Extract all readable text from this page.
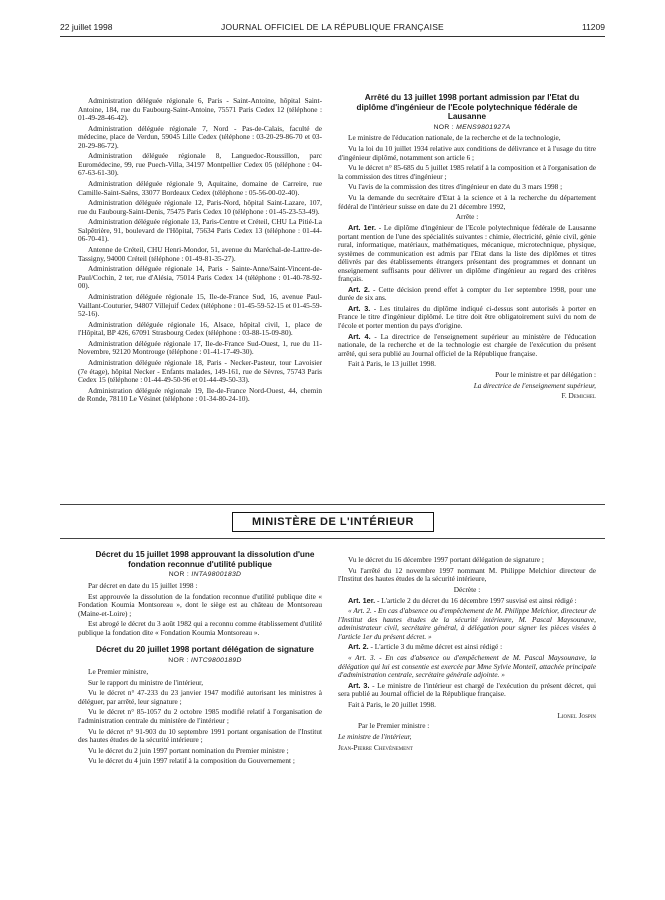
22 juillet 1998	JOURNAL OFFICIEL DE LA RÉPUBLIQUE FRANÇAISE	11209

Administration déléguée régionale 6, Paris - Saint-Antoine, hôpital Saint-Antoine, 184, rue du Faubourg-Saint-Antoine, 75571 Paris Cedex 12 (téléphone : 01-49-28-46-42).

Administration déléguée régionale 7, Nord - Pas-de-Calais, faculté de médecine, place de Verdun, 59045 Lille Cedex (téléphone : 03-20-29-86-70 et 03-20-29-86-72).

Administration déléguée régionale 8, Languedoc-Roussillon, parc Euromédecine, 99, rue Puech-Villa, 34197 Montpellier Cedex 05 (téléphone : 04-67-63-61-30).

Administration déléguée régionale 9, Aquitaine, domaine de Carreire, rue Camille-Saint-Saëns, 33077 Bordeaux Cedex (téléphone : 05-56-00-02-40).

Administration déléguée régionale 12, Paris-Nord, hôpital Saint-Lazare, 107, rue du Faubourg-Saint-Denis, 75475 Paris Cedex 10 (téléphone : 01-45-23-53-49).

Administration déléguée régionale 13, Paris-Centre et Créteil, CHU La Pitié-La Salpêtrière, 91, boulevard de l'Hôpital, 75634 Paris Cedex 13 (téléphone : 01-44-06-70-41).

Antenne de Créteil, CHU Henri-Mondor, 51, avenue du Maréchal-de-Lattre-de-Tassigny, 94000 Créteil (téléphone : 01-49-81-35-27).

Administration déléguée régionale 14, Paris - Sainte-Anne/Saint-Vincent-de-Paul/Cochin, 2 ter, rue d'Alésia, 75014 Paris Cedex 14 (téléphone : 01-40-78-92-00).

Administration déléguée régionale 15, Ile-de-France Sud, 16, avenue Paul-Vaillant-Couturier, 94807 Villejuif Cedex (téléphone : 01-45-59-52-15 et 01-45-59-52-16).

Administration déléguée régionale 16, Alsace, hôpital civil, 1, place de l'Hôpital, BP 426, 67091 Strasbourg Cedex (téléphone : 03-88-15-09-80).

Administration déléguée régionale 17, Ile-de-France Sud-Ouest, 1, rue du 11-Novembre, 92120 Montrouge (téléphone : 01-41-17-49-30).

Administration déléguée régionale 18, Paris - Necker-Pasteur, tour Lavoisier (7e étage), hôpital Necker - Enfants malades, 149-161, rue de Sèvres, 75743 Paris Cedex 15 (téléphone : 01-44-49-50-96 et 01-44-49-50-33).

Administration déléguée régionale 19, Ile-de-France Nord-Ouest, 44, chemin de Ronde, 78110 Le Vésinet (téléphone : 01-34-80-24-10).

Arrêté du 13 juillet 1998 portant admission par l'Etat du diplôme d'ingénieur de l'Ecole polytechnique fédérale de Lausanne

NOR : MENS9801927A

Le ministre de l'éducation nationale, de la recherche et de la technologie,

Vu la loi du 10 juillet 1934 relative aux conditions de délivrance et à l'usage du titre d'ingénieur diplômé, notamment son article 6 ;

Vu le décret n° 85-685 du 5 juillet 1985 relatif à la composition et à l'organisation de la commission des titres d'ingénieur ;

Vu l'avis de la commission des titres d'ingénieur en date du 3 mars 1998 ;

Vu la demande du secrétaire d'Etat à la science et à la recherche du département fédéral de l'intérieur suisse en date du 21 décembre 1992,

Arrête :

Art. 1er. - Le diplôme d'ingénieur de l'Ecole polytechnique fédérale de Lausanne portant mention de l'une des spécialités suivantes : chimie, électricité, génie civil, génie rural, informatique, matériaux, mathématiques, mécanique, microtechnique, physique, systèmes de communication est admis par l'Etat dans la liste des diplômes et titres délivrés par des établissements étrangers présentant des programmes et donnant un enseignement suffisants pour délivrer un diplôme d'ingénieur au regard des critères français.

Art. 2. - Cette décision prend effet à compter du 1er septembre 1998, pour une durée de six ans.

Art. 3. - Les titulaires du diplôme indiqué ci-dessus sont autorisés à porter en France le titre d'ingénieur diplômé. Le titre doit être obligatoirement suivi du nom de l'école et porter mention du pays d'origine.

Art. 4. - La directrice de l'enseignement supérieur au ministère de l'éducation nationale, de la recherche et de la technologie est chargée de l'exécution du présent arrêté, qui sera publié au Journal officiel de la République française.

Fait à Paris, le 13 juillet 1998.

Pour le ministre et par délégation :

La directrice de l'enseignement supérieur,

F. Demichel

MINISTÈRE DE L'INTÉRIEUR

Décret du 15 juillet 1998 approuvant la dissolution d'une fondation reconnue d'utilité publique

NOR : INTA9800183D

Par décret en date du 15 juillet 1998 :

Est approuvée la dissolution de la fondation reconnue d'utilité publique dite « Fondation Koumia Montsoreau », dont le siège est au château de Montsoreau (Maine-et-Loire) ;

Est abrogé le décret du 3 août 1982 qui a reconnu comme établissement d'utilité publique la fondation dite « Fondation Koumia Montsoreau ».

Décret du 20 juillet 1998 portant délégation de signature

NOR : INTC9800189D

Le Premier ministre,

Sur le rapport du ministre de l'intérieur,

Vu le décret n° 47-233 du 23 janvier 1947 modifié autorisant les ministres à déléguer, par arrêté, leur signature ;

Vu le décret n° 85-1057 du 2 octobre 1985 modifié relatif à l'organisation de l'administration centrale du ministère de l'intérieur ;

Vu le décret n° 91-903 du 10 septembre 1991 portant organisation de l'Institut des hautes études de la sécurité intérieure ;

Vu le décret du 2 juin 1997 portant nomination du Premier ministre ;

Vu le décret du 4 juin 1997 relatif à la composition du Gouvernement ;

Vu le décret du 16 décembre 1997 portant délégation de signature ;

Vu l'arrêté du 12 novembre 1997 nommant M. Philippe Melchior directeur de l'Institut des hautes études de la sécurité intérieure,

Décrète :

Art. 1er. - L'article 2 du décret du 16 décembre 1997 susvisé est ainsi rédigé :

« Art. 2. - En cas d'absence ou d'empêchement de M. Philippe Melchior, directeur de l'Institut des hautes études de la sécurité intérieure, M. Pascal Maysounave, administrateur civil, secrétaire général, à délégation pour signer les pièces visées à l'article 1er du présent décret. »

Art. 2. - L'article 3 du même décret est ainsi rédigé :

« Art. 3. - En cas d'absence ou d'empêchement de M. Pascal Maysounave, la délégation qui lui est consentie est exercée par Mme Sylvie Monteil, attachée principale d'administration centrale, secrétaire générale adjointe. »

Art. 3. - Le ministre de l'intérieur est chargé de l'exécution du présent décret, qui sera publié au Journal officiel de la République française.

Fait à Paris, le 20 juillet 1998.

Lionel Jospin

Par le Premier ministre :

Le ministre de l'intérieur,

Jean-Pierre Chevènement
